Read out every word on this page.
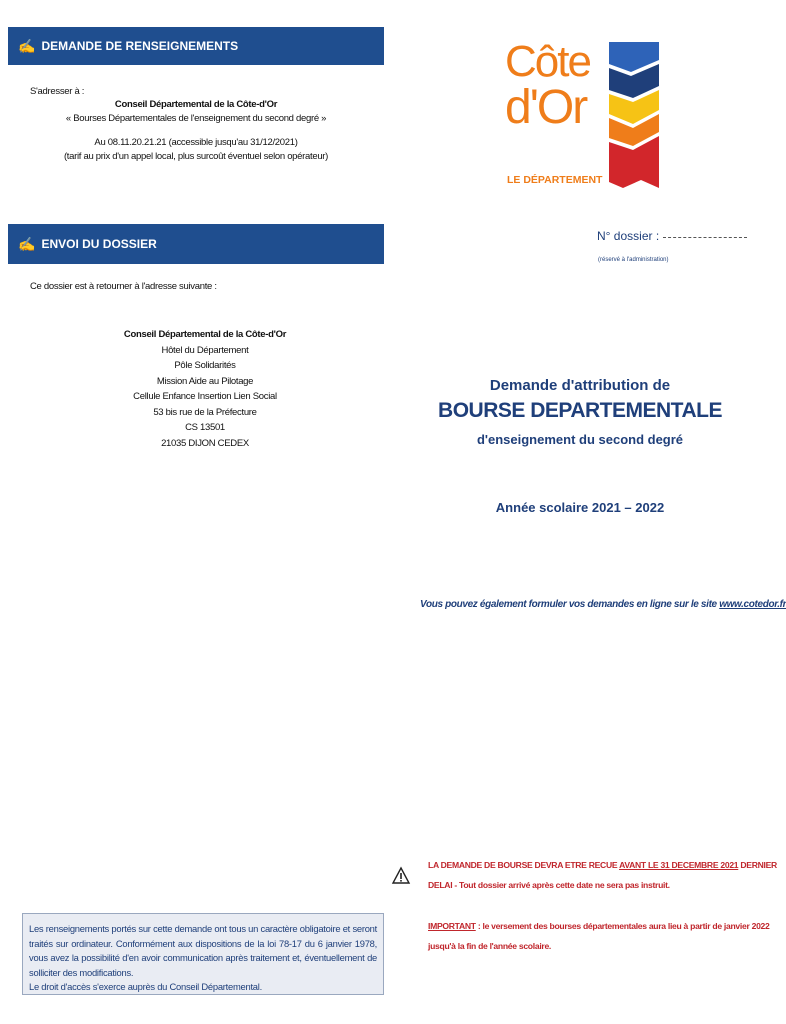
✍ DEMANDE DE RENSEIGNEMENTS
S'adresser à :
Conseil Départemental de la Côte-d'Or
« Bourses Départementales de l'enseignement du second degré »
Au 08.11.20.21.21 (accessible jusqu'au 31/12/2021)
(tarif au prix d'un appel local, plus surcoût éventuel selon opérateur)
✍ ENVOI DU DOSSIER
Ce dossier est à retourner à l'adresse suivante :
Conseil Départemental de la Côte-d'Or
Hôtel du Département
Pôle Solidarités
Mission Aide au Pilotage
Cellule Enfance Insertion Lien Social
53 bis rue de la Préfecture
CS 13501
21035 DIJON CEDEX
Côte
d'Or
LE DÉPARTEMENT
N° dossier :
(réservé à l'administration)
Demande d'attribution de
BOURSE DEPARTEMENTALE
d'enseignement du second degré
Année scolaire 2021 – 2022
Vous pouvez également formuler vos demandes en ligne sur le site www.cotedor.fr
LA DEMANDE DE BOURSE DEVRA ETRE RECUE AVANT LE 31 DECEMBRE 2021 DERNIER
DELAI - Tout dossier arrivé après cette date ne sera pas instruit.
IMPORTANT : le versement des bourses départementales aura lieu à partir de janvier 2022
jusqu'à la fin de l'année scolaire.
Les renseignements portés sur cette demande ont tous un caractère obligatoire et seront traités sur ordinateur. Conformément aux dispositions de la loi 78-17 du 6 janvier 1978, vous avez la possibilité d'en avoir communication après traitement et, éventuellement de solliciter des modifications.
Le droit d'accès s'exerce auprès du Conseil Départemental.
